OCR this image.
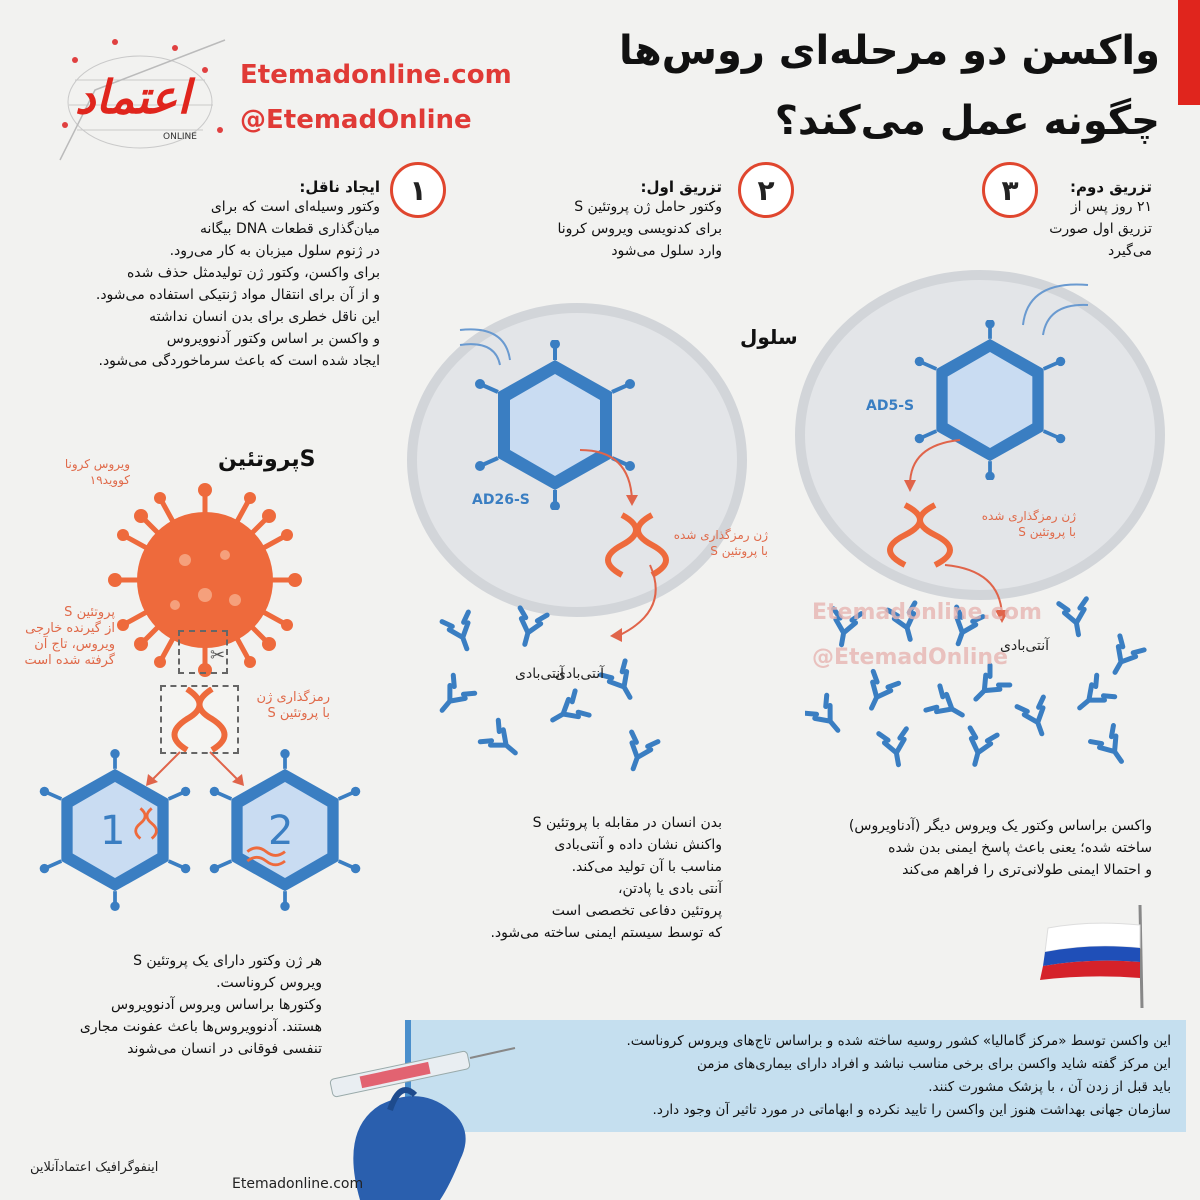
واکسن دو مرحله‌ای روس‌ها
چگونه عمل می‌کند؟
اعتماد
ONLINE
Etemadonline.com
@EtemadOnline
۱
ایجاد ناقل:
وکتور وسیله‌ای است که برای
میان‌گذاری قطعات DNA بیگانه
در ژنوم سلول میزبان به کار می‌رود.
برای واکسن، وکتور ژن تولیدمثل حذف شده
و از آن برای انتقال مواد ژنتیکی استفاده می‌شود.
این ناقل خطری برای بدن انسان نداشته
و واکسن بر اساس وکتور آدنوویروس
ایجاد شده است که باعث سرماخوردگی می‌شود.
۲
تزریق اول:
وکتور حامل ژن پروتئین S
برای کدنویسی ویروس کرونا
وارد سلول می‌شود
۳	تزریق دوم:
۲۱ روز پس از
تزریق اول صورت می‌گیرد
AD26-S
سلول
ژن رمزگذاری شده
با پروتئین S
AD5-S
ژن رمزگذاری شده
با پروتئین S
آنتی‌بادی
آنتی‌بادی
آنتی‌بادی
Etemadonline.com
@EtemadOnline
پروتئینS
ویروس کرونا
کووید۱۹
پروتئین S
از گیرنده خارجی
ویروس، تاج آن
گرفته شده است	✂
رمزگذاری ژن
با پروتئین S
1	2
هر ژن وکتور دارای یک پروتئین S
ویروس کروناست.
وکتورها براساس ویروس آدنوویروس
هستند. آدنوویروس‌ها باعث عفونت مجاری
تنفسی فوقانی در انسان می‌شوند
بدن انسان در مقابله با پروتئین S
واکنش نشان داده و آنتی‌بادی
مناسب با آن تولید می‌کند.
آنتی بادی یا پادتن،
پروتئین دفاعی تخصصی است
که توسط سیستم ایمنی ساخته می‌شود.
واکسن براساس وکتور یک ویروس دیگر (آدناویروس)
ساخته شده؛ یعنی باعث پاسخ ایمنی بدن شده
و احتمالا ایمنی طولانی‌تری را فراهم می‌کند

این واکسن توسط «مرکز گامالیا» کشور روسیه ساخته شده و براساس تاج‌های ویروس کروناست.

این مرکز گفته شاید واکسن برای برخی مناسب نباشد و افراد دارای بیماری‌های مزمن

باید قبل از زدن آن ، با پزشک مشورت کنند.

سازمان جهانی بهداشت هنوز این واکسن را تایید نکرده و ابهاماتی در مورد تاثیر آن وجود دارد.

اینفوگرافیک اعتمادآنلاین
Etemadonline.com
